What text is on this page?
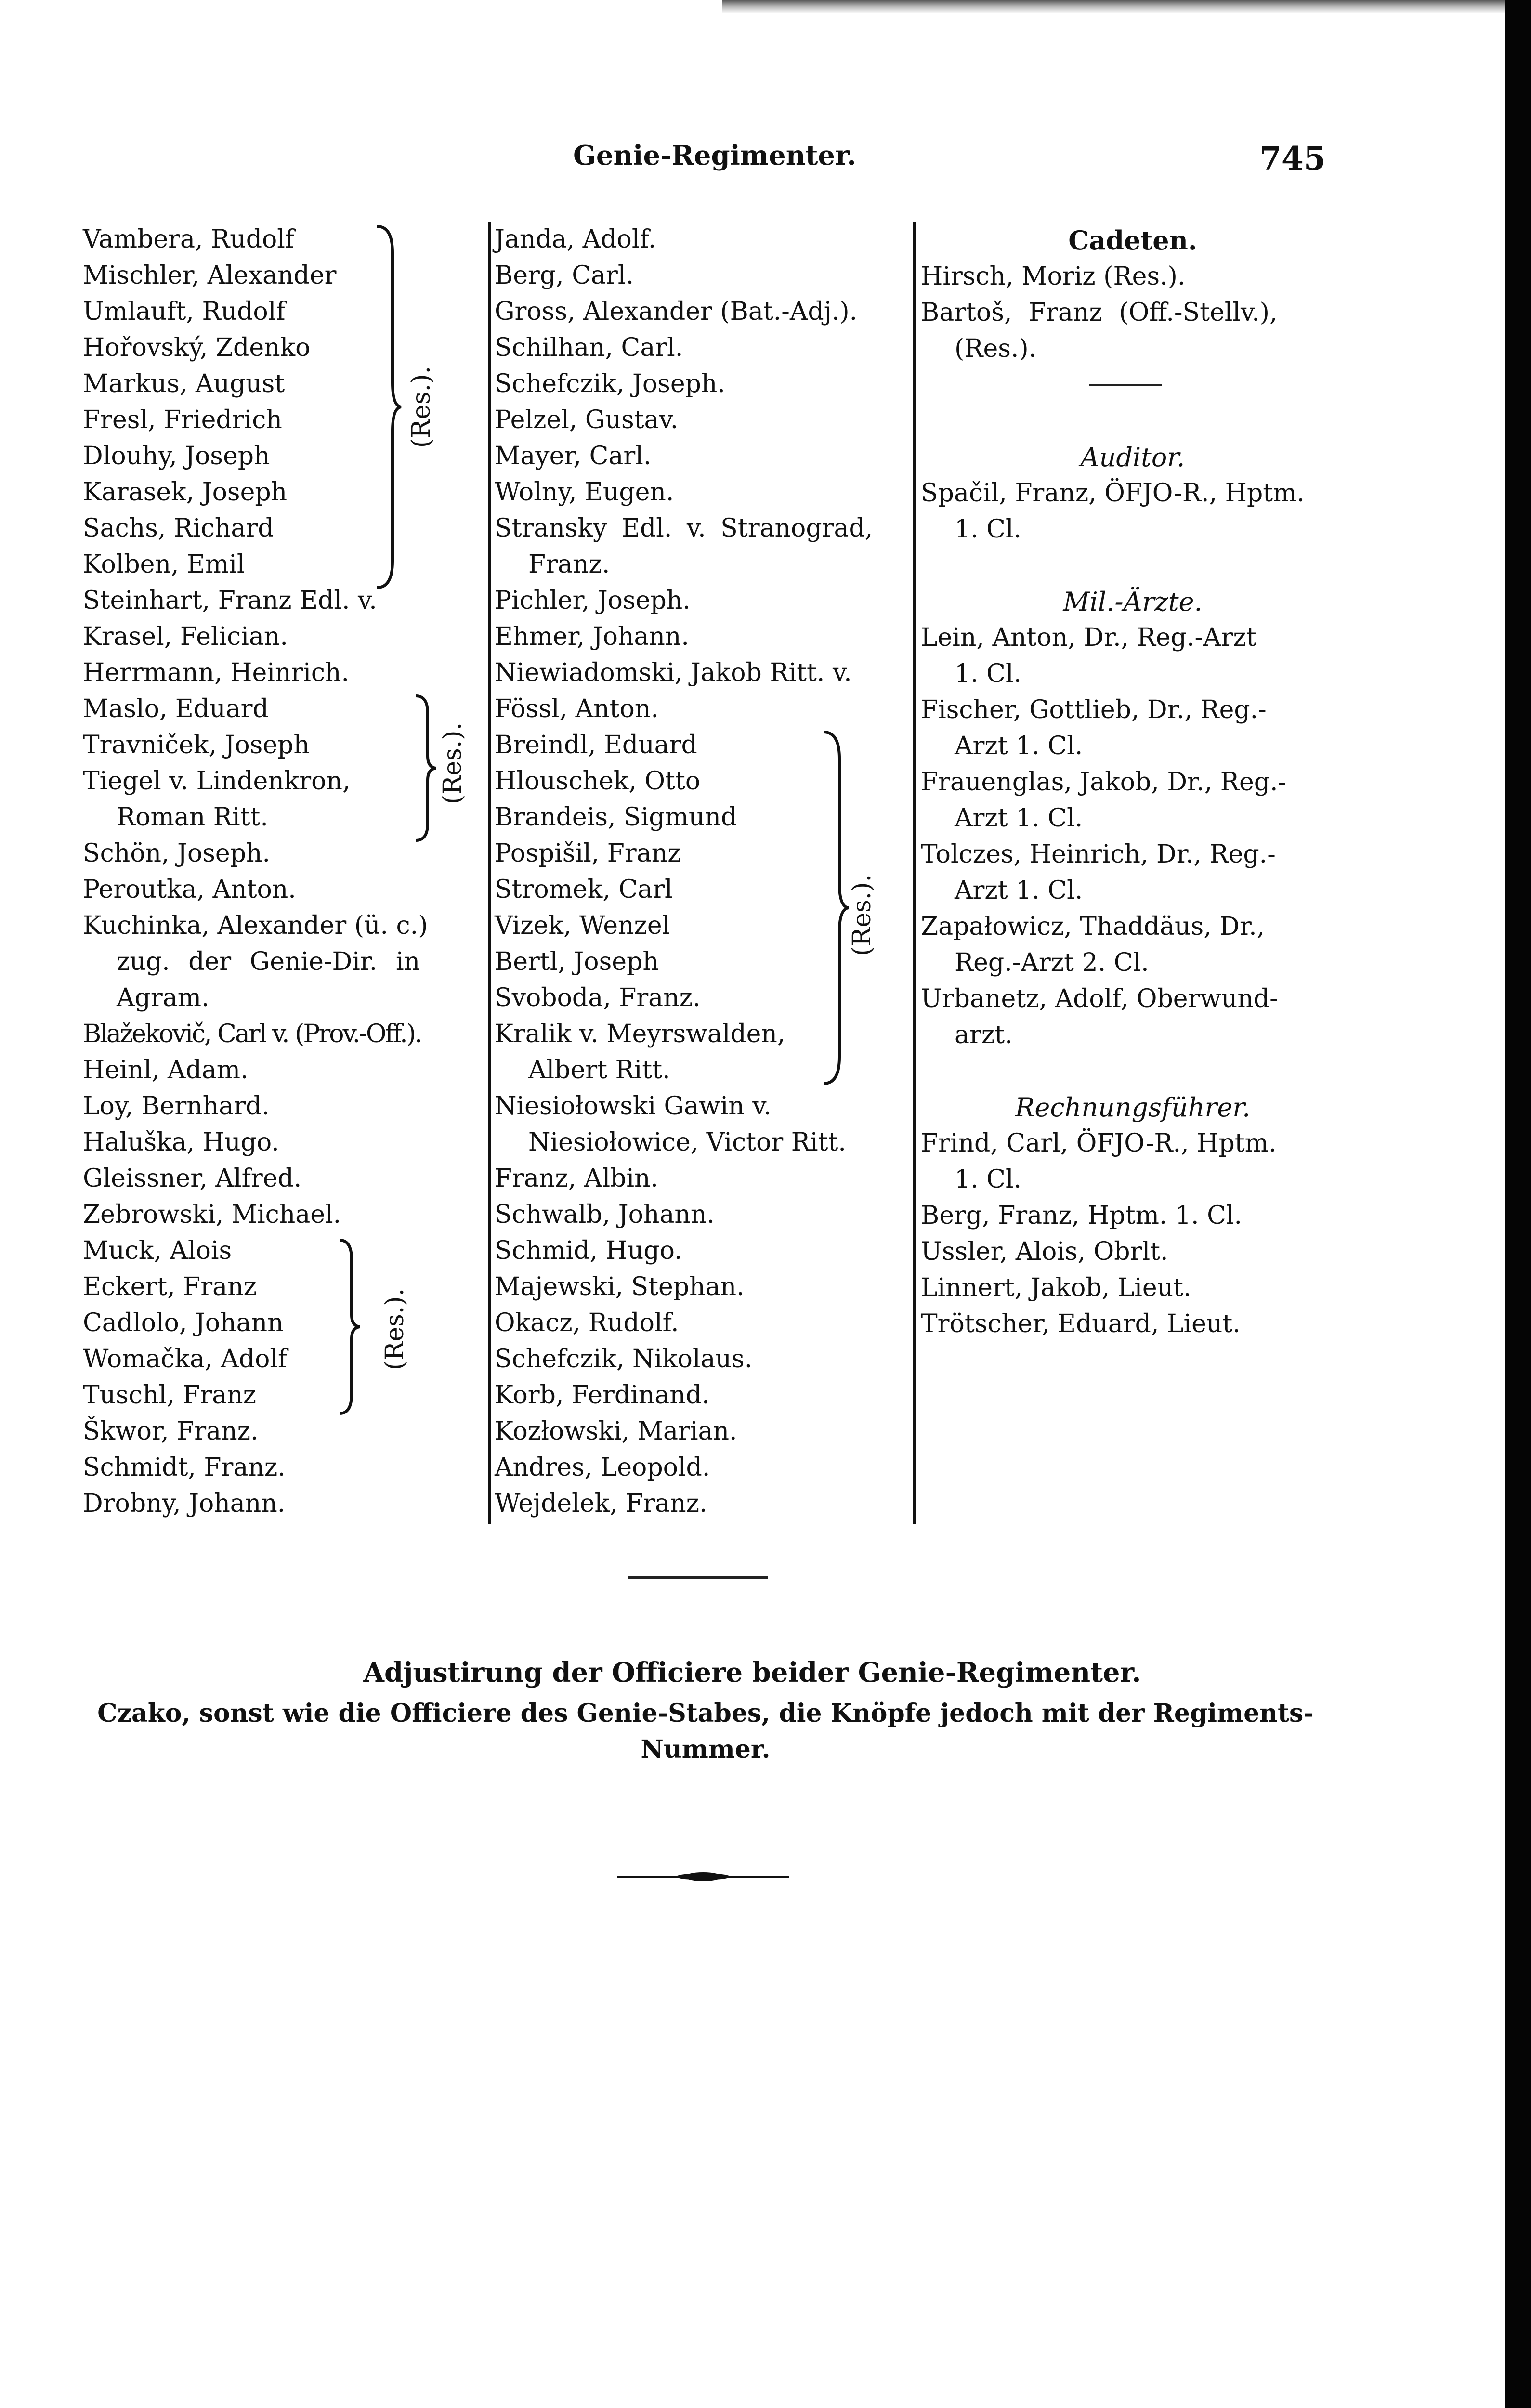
Genie-Regimenter.	745
Vambera, Rudolf
Mischler, Alexander
Umlauft, Rudolf
Hořovský, Zdenko
Markus, August
Fresl, Friedrich
Dlouhy, Joseph
Karasek, Joseph
Sachs, Richard
Kolben, Emil
Steinhart, Franz Edl. v.
Krasel, Felician.
Herrmann, Heinrich.
Maslo, Eduard
Travniček, Joseph
Tiegel v. Lindenkron,
Roman Ritt.
Schön, Joseph.
Peroutka, Anton.
Kuchinka, Alexander (ü. c.)
zug. der Genie-Dir. in
Agram.
Blažekovič, Carl v. (Prov.-Off.).
Heinl, Adam.
Loy, Bernhard.
Haluška, Hugo.
Gleissner, Alfred.
Zebrowski, Michael.
Muck, Alois
Eckert, Franz
Cadlolo, Johann
Womačka, Adolf
Tuschl, Franz
Škwor, Franz.
Schmidt, Franz.
Drobny, Johann.
(Res.).
(Res.).
(Res.).
Janda, Adolf.
Berg, Carl.
Gross, Alexander (Bat.-Adj.).
Schilhan, Carl.
Schefczik, Joseph.
Pelzel, Gustav.
Mayer, Carl.
Wolny, Eugen.
Stransky Edl. v. Stranograd,
Franz.
Pichler, Joseph.
Ehmer, Johann.
Niewiadomski, Jakob Ritt. v.
Fössl, Anton.
Breindl, Eduard
Hlouschek, Otto
Brandeis, Sigmund
Pospišil, Franz
Stromek, Carl
Vizek, Wenzel
Bertl, Joseph
Svoboda, Franz.
Kralik v. Meyrswalden,
Albert Ritt.
Niesiołowski Gawin v.
Niesiołowice, Victor Ritt.
Franz, Albin.
Schwalb, Johann.
Schmid, Hugo.
Majewski, Stephan.
Okacz, Rudolf.
Schefczik, Nikolaus.
Korb, Ferdinand.
Kozłowski, Marian.
Andres, Leopold.
Wejdelek, Franz.
(Res.).
Cadeten.
Hirsch, Moriz (Res.).
Bartoš, Franz (Off.-Stellv.),
(Res.).
Auditor.
Spačil, Franz, ÖFJO-R., Hptm.
1. Cl.
Mil.-Ärzte.
Lein, Anton, Dr., Reg.-Arzt
1. Cl.
Fischer, Gottlieb, Dr., Reg.-
Arzt 1. Cl.
Frauenglas, Jakob, Dr., Reg.-
Arzt 1. Cl.
Tolczes, Heinrich, Dr., Reg.-
Arzt 1. Cl.
Zapałowicz, Thaddäus, Dr.,
Reg.-Arzt 2. Cl.
Urbanetz, Adolf, Oberwund-
arzt.
Rechnungsführer.
Frind, Carl, ÖFJO-R., Hptm.
1. Cl.
Berg, Franz, Hptm. 1. Cl.
Ussler, Alois, Obrlt.
Linnert, Jakob, Lieut.
Trötscher, Eduard, Lieut.
Adjustirung der Officiere beider Genie-Regimenter.
Czako, sonst wie die Officiere des Genie-Stabes, die Knöpfe jedoch mit der Regiments-Nummer.
